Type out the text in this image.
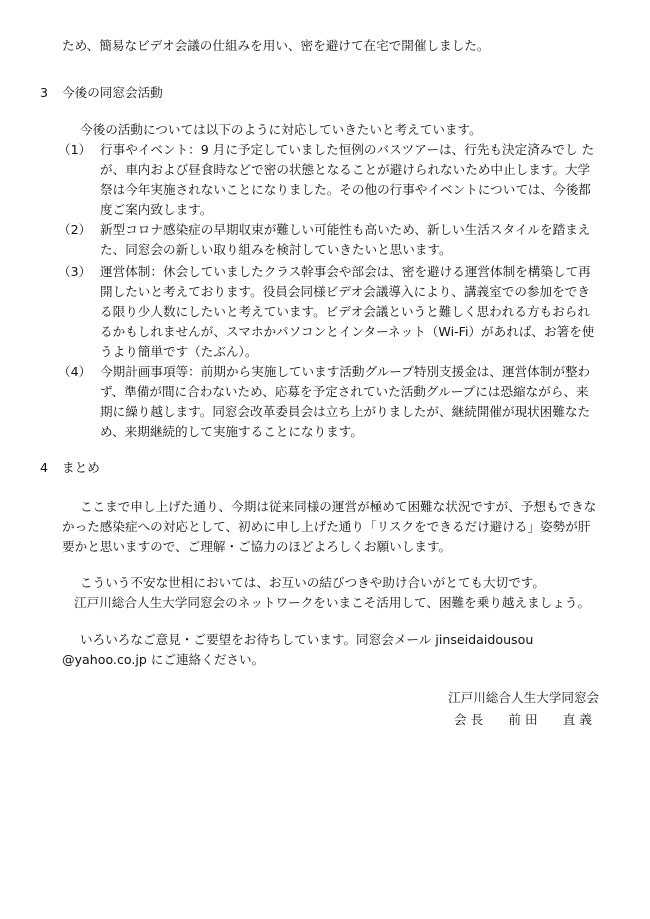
ため、簡易なビデオ会議の仕組みを用い、密を避けて在宅で開催しました。
3 今後の同窓会活動
今後の活動については以下のように対応していきたいと考えています。
（1） 行事やイベント：9 月に予定していました恒例のバスツアーは、行先も決定済みでし た
が、車内および昼食時などで密の状態となることが避けられないため中止します。大学
祭は今年実施されないことになりました。その他の行事やイベントについては、今後都
度ご案内致します。
（2） 新型コロナ感染症の早期収束が難しい可能性も高いため、新しい生活スタイルを踏まえ
た、同窓会の新しい取り組みを検討していきたいと思います。
（3） 運営体制：休会していましたクラス幹事会や部会は、密を避ける運営体制を構築して再
開したいと考えております。役員会同様ビデオ会議導入により、講義室での参加をでき
る限り少人数にしたいと考えています。ビデオ会議というと難しく思われる方もおられ
るかもしれませんが、スマホかパソコンとインターネット（Wi-Fi）があれば、お箸を使
うより簡単です（たぶん）。
（4） 今期計画事項等：前期から実施しています活動グループ特別支援金は、運営体制が整わ
ず、準備が間に合わないため、応募を予定されていた活動グループには恐縮ながら、来
期に繰り越します。同窓会改革委員会は立ち上がりましたが、継続開催が現状困難なた
め、来期継続的して実施することになります。
4 まとめ
ここまで申し上げた通り、今期は従来同様の運営が極めて困難な状況ですが、予想もできな
かった感染症への対応として、初めに申し上げた通り「リスクをできるだけ避ける」姿勢が肝
要かと思いますので、ご理解・ご協力のほどよろしくお願いします。
こういう不安な世相においては、お互いの結びつきや助け合いがとても大切です。
江戸川総合人生大学同窓会のネットワークをいまこそ活用して、困難を乗り越えましょう。
いろいろなご意見・ご要望をお待ちしています。同窓会メール jinseidaidousou
@yahoo.co.jp にご連絡ください。
江戸川総合人生大学同窓会
会 長　　前 田　　直 義
